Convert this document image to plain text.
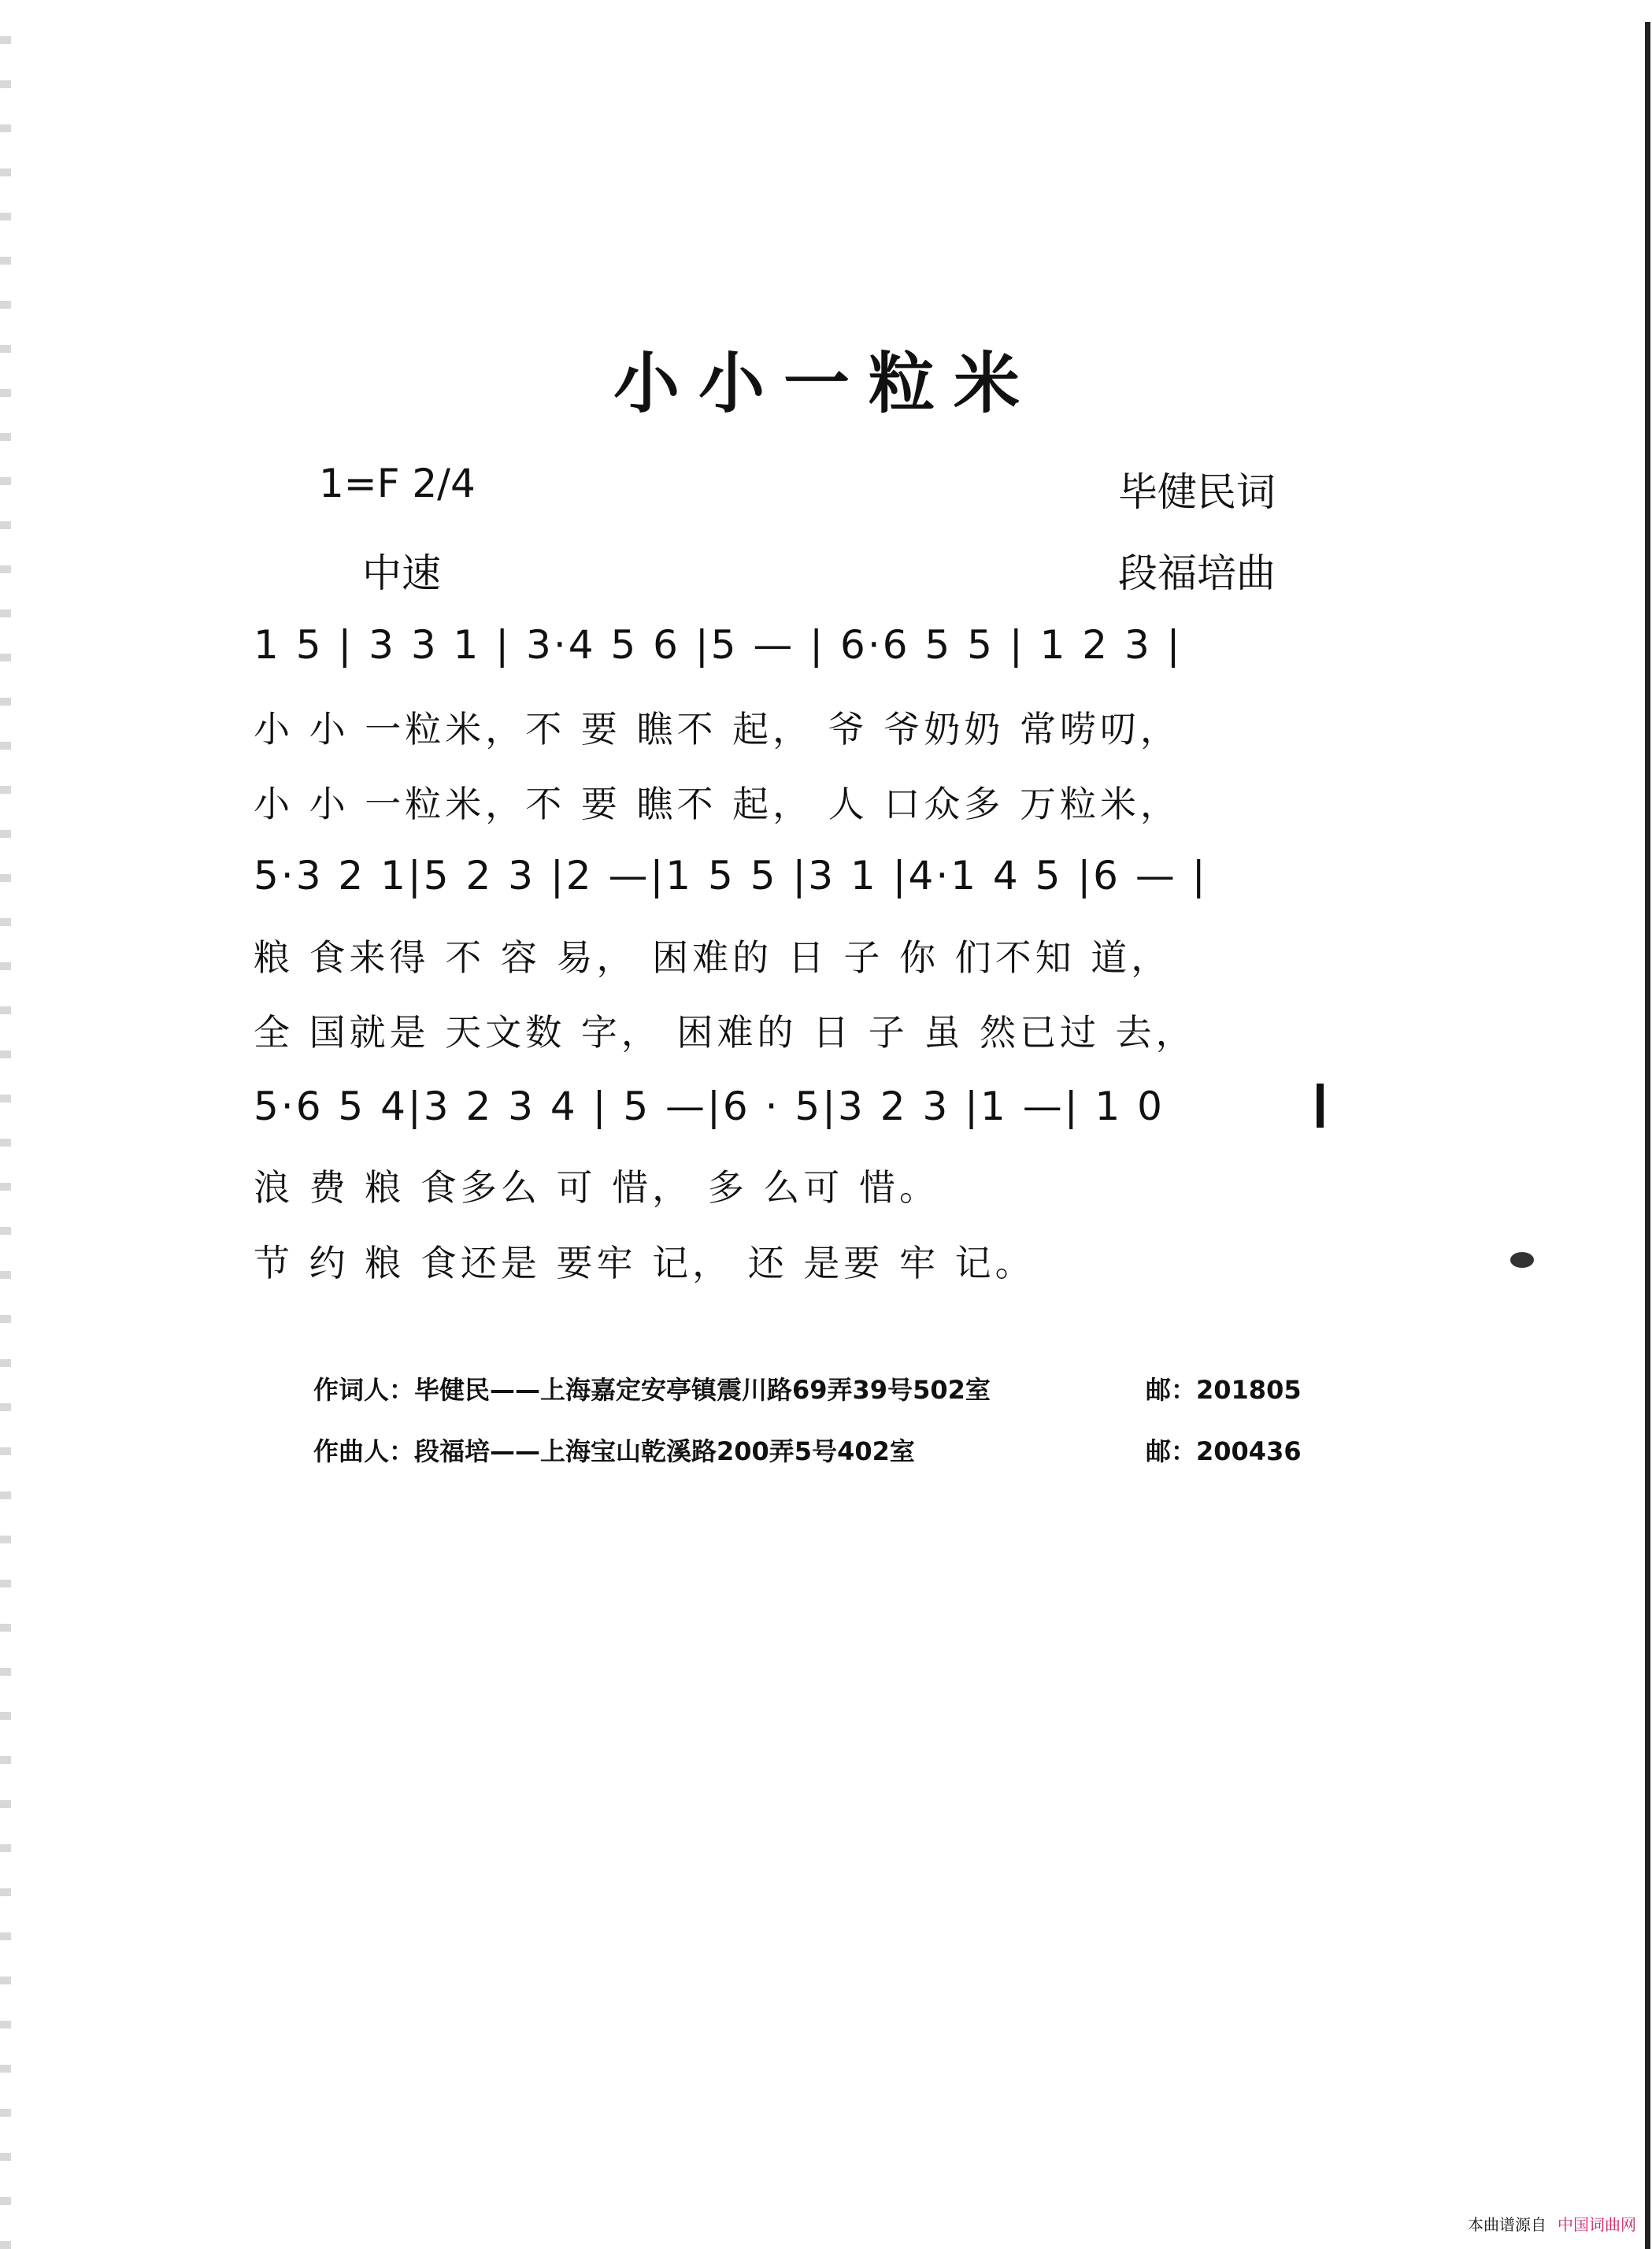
小小一粒米
1=F 2/4	毕健民词
中速	段福培曲
1 5 | 3 3 1 | 3·4 5 6 |5 — | 6·6 5 5 | 1 2 3 |
小 小 一粒米，不 要 瞧不 起， 爷 爷奶奶 常唠叨，
小 小 一粒米，不 要 瞧不 起， 人 口众多 万粒米，
5·3 2 1|5 2 3 |2 —|1 5 5 |3 1 |4·1 4 5 |6 — |
粮 食来得 不 容 易， 困难的 日 子 你 们不知 道，
全 国就是 天文数 字， 困难的 日 子 虽 然已过 去，
5·6 5 4|3 2 3 4 | 5 —|6 · 5|3 2 3 |1 —| 1 0
浪 费 粮 食多么 可 惜， 多 么可 惜。
节 约 粮 食还是 要牢 记， 还 是要 牢 记。
作词人：毕健民——上海嘉定安亭镇震川路69弄39号502室	邮：201805
作曲人：段福培——上海宝山乾溪路200弄5号402室	邮：200436
本曲谱源自 中国词曲网
